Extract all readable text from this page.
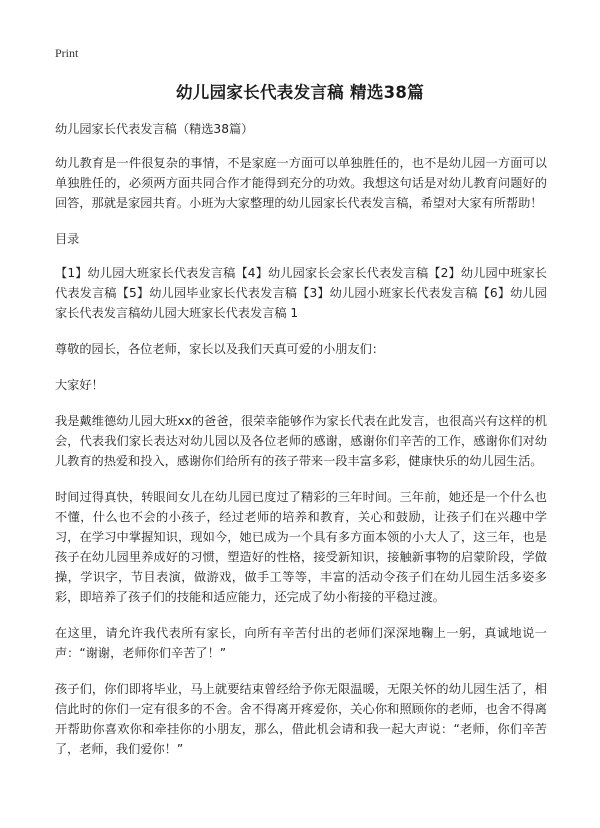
Print
幼儿园家长代表发言稿 精选38篇

幼儿园家长代表发言稿（精选38篇）

幼儿教育是一件很复杂的事情，不是家庭一方面可以单独胜任的，也不是幼儿园一方面可以单独胜任的，必须两方面共同合作才能得到充分的功效。我想这句话是对幼儿教育问题好的回答，那就是家园共育。小班为大家整理的幼儿园家长代表发言稿，希望对大家有所帮助！

目录

【1】幼儿园大班家长代表发言稿【4】幼儿园家长会家长代表发言稿【2】幼儿园中班家长代表发言稿【5】幼儿园毕业家长代表发言稿【3】幼儿园小班家长代表发言稿【6】幼儿园家长代表发言稿幼儿园大班家长代表发言稿 1

尊敬的园长，各位老师，家长以及我们天真可爱的小朋友们：

大家好！

我是戴维德幼儿园大班xx的爸爸，很荣幸能够作为家长代表在此发言，也很高兴有这样的机会，代表我们家长表达对幼儿园以及各位老师的感谢，感谢你们辛苦的工作，感谢你们对幼儿教育的热爱和投入，感谢你们给所有的孩子带来一段丰富多彩，健康快乐的幼儿园生活。

时间过得真快，转眼间女儿在幼儿园已度过了精彩的三年时间。三年前，她还是一个什么也不懂，什么也不会的小孩子，经过老师的培养和教育，关心和鼓励，让孩子们在兴趣中学习，在学习中掌握知识，现如今，她已成为一个具有多方面本领的小大人了，这三年，也是孩子在幼儿园里养成好的习惯，塑造好的性格，接受新知识，接触新事物的启蒙阶段，学做操，学识字，节目表演，做游戏，做手工等等，丰富的活动令孩子们在幼儿园生活多姿多彩，即培养了孩子们的技能和适应能力，还完成了幼小衔接的平稳过渡。

在这里，请允许我代表所有家长，向所有辛苦付出的老师们深深地鞠上一躬，真诚地说一声：“谢谢，老师你们辛苦了！”

孩子们，你们即将毕业，马上就要结束曾经给予你无限温暖，无限关怀的幼儿园生活了，相信此时的你们一定有很多的不舍。舍不得离开疼爱你，关心你和照顾你的老师，也舍不得离开帮助你喜欢你和牵挂你的小朋友，那么，借此机会请和我一起大声说：“老师，你们辛苦了，老师，我们爱你！”
